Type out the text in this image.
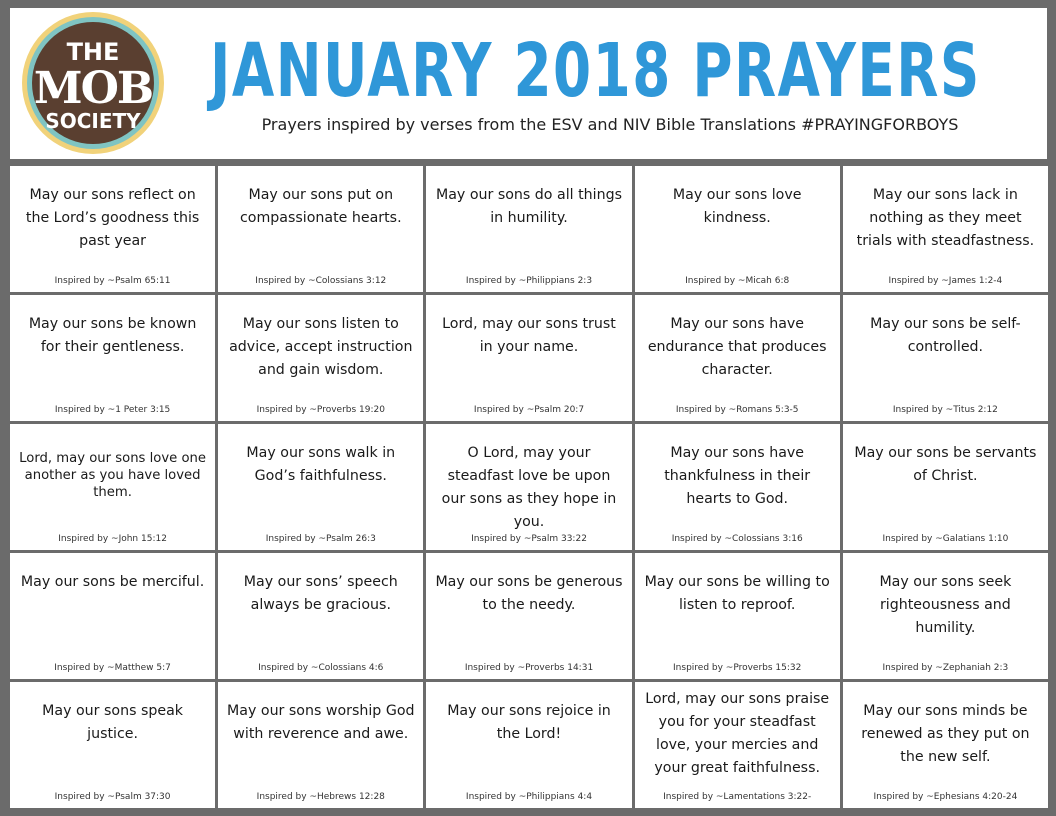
THE
MOB
SOCIETY
JANUARY 2018 PRAYERS
Prayers inspired by verses from the ESV and NIV Bible Translations #PRAYINGFORBOYS
May our sons reflect on the Lord’s goodness this past year
Inspired by ~Psalm 65:11
May our sons put on compassionate hearts.
Inspired by ~Colossians 3:12
May our sons do all things in humility.
Inspired by ~Philippians 2:3
May our sons love kindness.
Inspired by ~Micah 6:8
May our sons lack in nothing as they meet trials with steadfastness.
Inspired by ~James 1:2-4
May our sons be known for their gentleness.
Inspired by ~1 Peter 3:15
May our sons listen to advice, accept instruction and gain wisdom.
Inspired by ~Proverbs 19:20
Lord, may our sons trust in your name.
Inspired by ~Psalm 20:7
May our sons have endurance that produces character.
Inspired by ~Romans 5:3-5
May our sons be self-controlled.
Inspired by ~Titus 2:12
Lord, may our sons love one another as you have loved them.
Inspired by ~John 15:12
May our sons walk in God’s faithfulness.
Inspired by ~Psalm 26:3
O Lord, may your steadfast love be upon our sons as they hope in you.
Inspired by ~Psalm 33:22
May our sons have thankfulness in their hearts to God.
Inspired by ~Colossians 3:16
May our sons be servants of Christ.
Inspired by ~Galatians 1:10
May our sons be merciful.
Inspired by ~Matthew 5:7
May our sons’ speech always be gracious.
Inspired by ~Colossians 4:6
May our sons be generous to the needy.
Inspired by ~Proverbs 14:31
May our sons be willing to listen to reproof.
Inspired by ~Proverbs 15:32
May our sons seek righteousness and humility.
Inspired by ~Zephaniah 2:3
May our sons speak justice.
Inspired by ~Psalm 37:30
May our sons worship God with reverence and awe.
Inspired by ~Hebrews 12:28
May our sons rejoice in the Lord!
Inspired by ~Philippians 4:4
Lord, may our sons praise you for your steadfast love, your mercies and your great faithfulness.
Inspired by ~Lamentations 3:22-
May our sons minds be renewed as they put on the new self.
Inspired by ~Ephesians 4:20-24
